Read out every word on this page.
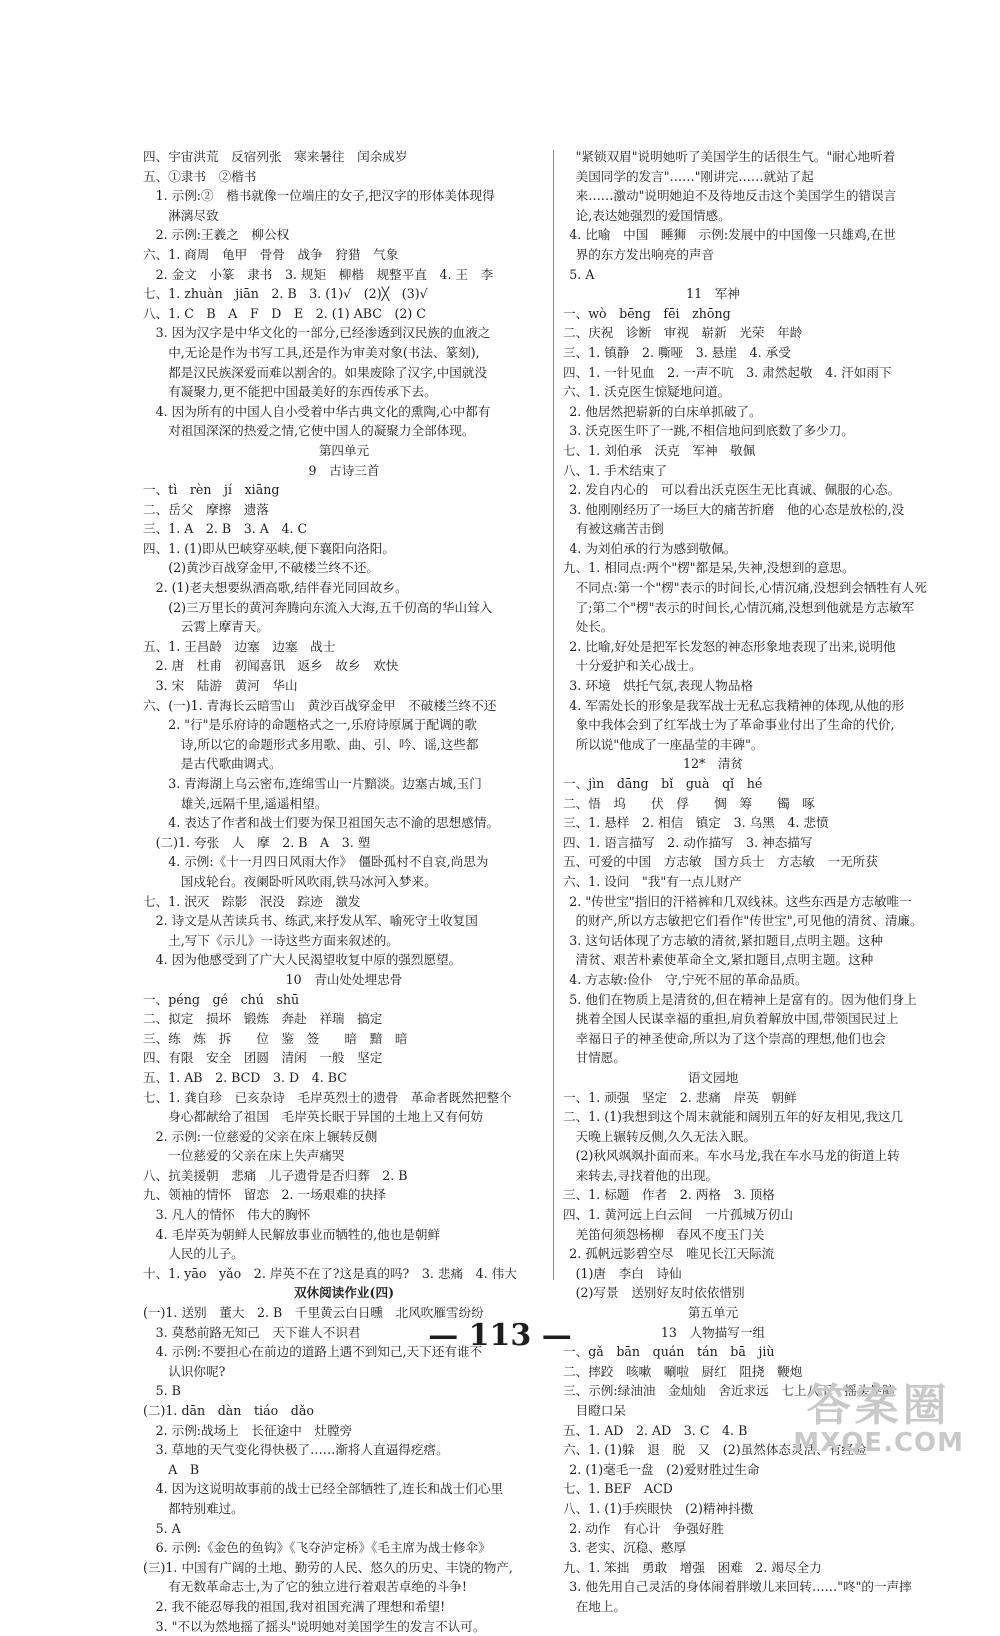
四、宇宙洪荒　反宿列张　寒来暑往　闰余成岁
五、①隶书　②楷书
1. 示例:②　楷书就像一位端庄的女子,把汉字的形体美体现得
淋漓尽致
2. 示例:王羲之　柳公权
六、1. 商周　龟甲　骨骨　战争　狩猎　气象
2. 金文　小篆　隶书　3. 规矩　柳楷　规整平直　4. 王　李
七、1. zhuàn　jiān　2. B　3. (1)√　(2)╳　(3)√
八、1. C　B　A　F　D　E　2. (1) ABC　(2) C
3. 因为汉字是中华文化的一部分,已经渗透到汉民族的血液之
中,无论是作为书写工具,还是作为审美对象(书法、篆刻),
都是汉民族深爱而难以割舍的。如果废除了汉字,中国就没
有凝聚力,更不能把中国最美好的东西传承下去。
4. 因为所有的中国人自小受着中华古典文化的熏陶,心中都有
对祖国深深的热爱之情,它使中国人的凝聚力全部体现。
第四单元
9　古诗三首
一、tì　rèn　jí　xiāng
二、岳父　摩擦　遗落
三、1. A　2. B　3. A　4. C
四、1. (1)即从巴峡穿巫峡,便下襄阳向洛阳。
(2)黄沙百战穿金甲,不破楼兰终不还。
2. (1)老夫想要纵酒高歌,结伴春光同回故乡。
(2)三万里长的黄河奔腾向东流入大海,五千仞高的华山耸入
云霄上摩青天。
五、1. 王昌龄　边塞　边塞　战士
2. 唐　杜甫　初闻喜讯　返乡　故乡　欢快
3. 宋　陆游　黄河　华山
六、(一)1. 青海长云暗雪山　黄沙百战穿金甲　不破楼兰终不还
2. "行"是乐府诗的命题格式之一,乐府诗原属于配调的歌
诗,所以它的命题形式多用歌、曲、引、吟、谣,这些都
是古代歌曲调式。
3. 青海湖上乌云密布,连绵雪山一片黯淡。边塞古城,玉门
雄关,远隔千里,遥遥相望。
4. 表达了作者和战士们要为保卫祖国矢志不渝的思想感情。
(二)1. 夸张　人　摩　2. B　A　3. 塑
4. 示例:《十一月四日风雨大作》　僵卧孤村不自哀,尚思为
国戍轮台。夜阑卧听风吹雨,铁马冰河入梦来。
七、1. 泯灭　踪影　泯没　踪迹　激发
2. 诗文是从苦读兵书、练武,来抒发从军、喻死守土收复国
土,写下《示儿》一诗这些方面来叙述的。
4. 因为他感受到了广大人民渴望收复中原的强烈愿望。
10　青山处处埋忠骨
一、péng　gé　chú　shū
二、拟定　损坏　锻炼　奔赴　祥瑞　搞定
三、练　炼　拆　　位　鉴　签　　暗　黯　暗
四、有限　安全　团圆　清闲　一般　坚定
五、1. AB　2. BCD　3. D　4. BC
七、1. 龚自珍　已亥杂诗　毛岸英烈士的遗骨　革命者既然把整个
身心都献给了祖国　毛岸英长眠于异国的土地上又有何妨
2. 示例:一位慈爱的父亲在床上辗转反侧
一位慈爱的父亲在床上失声痛哭
八、抗美援朝　悲痛　儿子遗骨是否归葬　2. B
九、领袖的情怀　留恋　2. 一场艰难的抉择
3. 凡人的情怀　伟大的胸怀
4. 毛岸英为朝鲜人民解放事业而牺牲的,他也是朝鲜
人民的儿子。
十、1. yāo　yǎo　2. 岸英不在了?这是真的吗?　3. 悲痛　4. 伟大
双休阅读作业(四)
(一)1. 送别　董大　2. B　千里黄云白日曛　北风吹雁雪纷纷
3. 莫愁前路无知己　天下谁人不识君
4. 示例:不要担心在前边的道路上遇不到知己,天下还有谁不
认识你呢?
5. B
(二)1. dān　dàn　tiáo　dǎo
2. 示例:战场上　长征途中　灶膛旁
3. 草地的天气变化得快极了……渐将人直逼得疙瘩。
A　B
4. 因为这说明故事前的战士已经全部牺牲了,连长和战士们心里
都特别难过。
5. A
6. 示例:《金色的鱼钩》《飞夺泸定桥》《毛主席为战士修伞》
(三)1. 中国有广阔的土地、勤劳的人民、悠久的历史、丰饶的物产,
有无数革命志士,为了它的独立进行着艰苦卓绝的斗争!
2. 我不能忍辱我的祖国,我对祖国充满了理想和希望!
3. "不以为然地摇了摇头"说明她对美国学生的发言不认可。
"紧锁双眉"说明她听了美国学生的话很生气。"耐心地听着
美国同学的发言"……"刚讲完……就站了起
来……激动"说明她迫不及待地反击这个美国学生的错误言
论,表达她强烈的爱国情感。
4. 比喻　中国　睡狮　示例:发展中的中国像一只雄鸡,在世
界的东方发出响亮的声音
5. A
11　军神
一、wò　bēng　fēi　zhōng
二、庆祝　诊断　审视　崭新　光荣　年龄
三、1. 镇静　2. 嘶哑　3. 悬崖　4. 承受
四、1. 一针见血　2. 一声不吭　3. 肃然起敬　4. 汗如雨下
六、1. 沃克医生惊疑地问道。
2. 他居然把崭新的白床单抓破了。
3. 沃克医生吓了一跳,不相信地问到底数了多少刀。
七、1. 刘伯承　沃克　军神　敬佩
八、1. 手术结束了
2. 发自内心的　可以看出沃克医生无比真诚、佩服的心态。
3. 他刚刚经历了一场巨大的痛苦折磨　他的心态是放松的,没
有被这痛苦击倒
4. 为刘伯承的行为感到敬佩。
九、1. 相同点:两个"楞"都是呆,失神,没想到的意思。
不同点:第一个"楞"表示的时间长,心情沉痛,没想到会牺牲有人死
了;第二个"楞"表示的时间长,心情沉痛,没想到他就是方志敏军
处长。
2. 比喻,好处是把军长发怒的神态形象地表现了出来,说明他
十分爱护和关心战士。
3. 环境　烘托气氛,表现人物品格
4. 军需处长的形象是我军战士无私忘我精神的体现,从他的形
象中我体会到了红军战士为了革命事业付出了生命的代价,
所以说"他成了一座晶莹的丰碑"。
12*　清贫
一、jìn　dāng　bǐ　guà　qǐ　hé
二、悟　坞　　伏　俘　　惆　筹　　镯　啄
三、1. 悬样　2. 相信　镇定　3. 乌黑　4. 悲愤
四、1. 语言描写　2. 动作描写　3. 神态描写
五、可爱的中国　方志敏　国方兵士　方志敏　一无所获
六、1. 设问　"我"有一点儿财产
2. "传世宝"指旧的汗褡裤和几双线袜。这些东西是方志敏唯一
的财产,所以方志敏把它们看作"传世宝",可见他的清贫、清廉。
3. 这句话体现了方志敏的清贫,紧扣题目,点明主题。这种
清贫、艰苦朴素使革命全文,紧扣题目,点明主题。这种
4. 方志敏:俭仆　守,宁死不屈的革命品质。
5. 他们在物质上是清贫的,但在精神上是富有的。因为他们身上
挑着全国人民谋幸福的重担,肩负着解放中国,带领国民过上
幸福日子的神圣使命,所以为了这个崇高的理想,他们也会
甘情愿。
语文园地
一、1. 顽强　坚定　2. 悲痛　岸英　朝鲜
二、1. (1)我想到这个周末就能和阔别五年的好友相见,我这几
天晚上辗转反侧,久久无法入眠。
(2)秋风飒飒扑面而来。车水马龙,我在车水马龙的街道上转
来转去,寻找着他的出现。
三、1. 标题　作者　2. 两格　3. 顶格
四、1. 黄河远上白云间　一片孤城万仞山
羌笛何须怨杨柳　春风不度玉门关
2. 孤帆远影碧空尽　唯见长江天际流
(1)唐　李白　诗仙
(2)写景　送别好友时依依惜别
第五单元
13　人物描写一组
一、gǎ　bān　quán　tán　bā　jiù
二、摔跤　咳嗽　唰啦　厨红　阻挠　鞭炮
三、示例:绿油油　金灿灿　舍近求远　七上八下　摇头晃脑
目瞪口呆
五、1. AD　2. AD　3. C　4. B
六、1. (1)躲　退　脱　又　(2)虽然体态灵活、有经验
2. (1)毫毛一盘　(2)爱财胜过生命
七、1. BEF　ACD
八、1. (1)手疾眼快　(2)精神抖擞
2. 动作　有心计　争强好胜
3. 老实、沉稳、憨厚
九、1. 笨拙　勇敢　增强　困难　2. 竭尽全力
3. 他先用自己灵活的身体闹着胖墩儿来回转……"咚"的一声摔
在地上。
— 113 —
答案圈
MXQE.COM
